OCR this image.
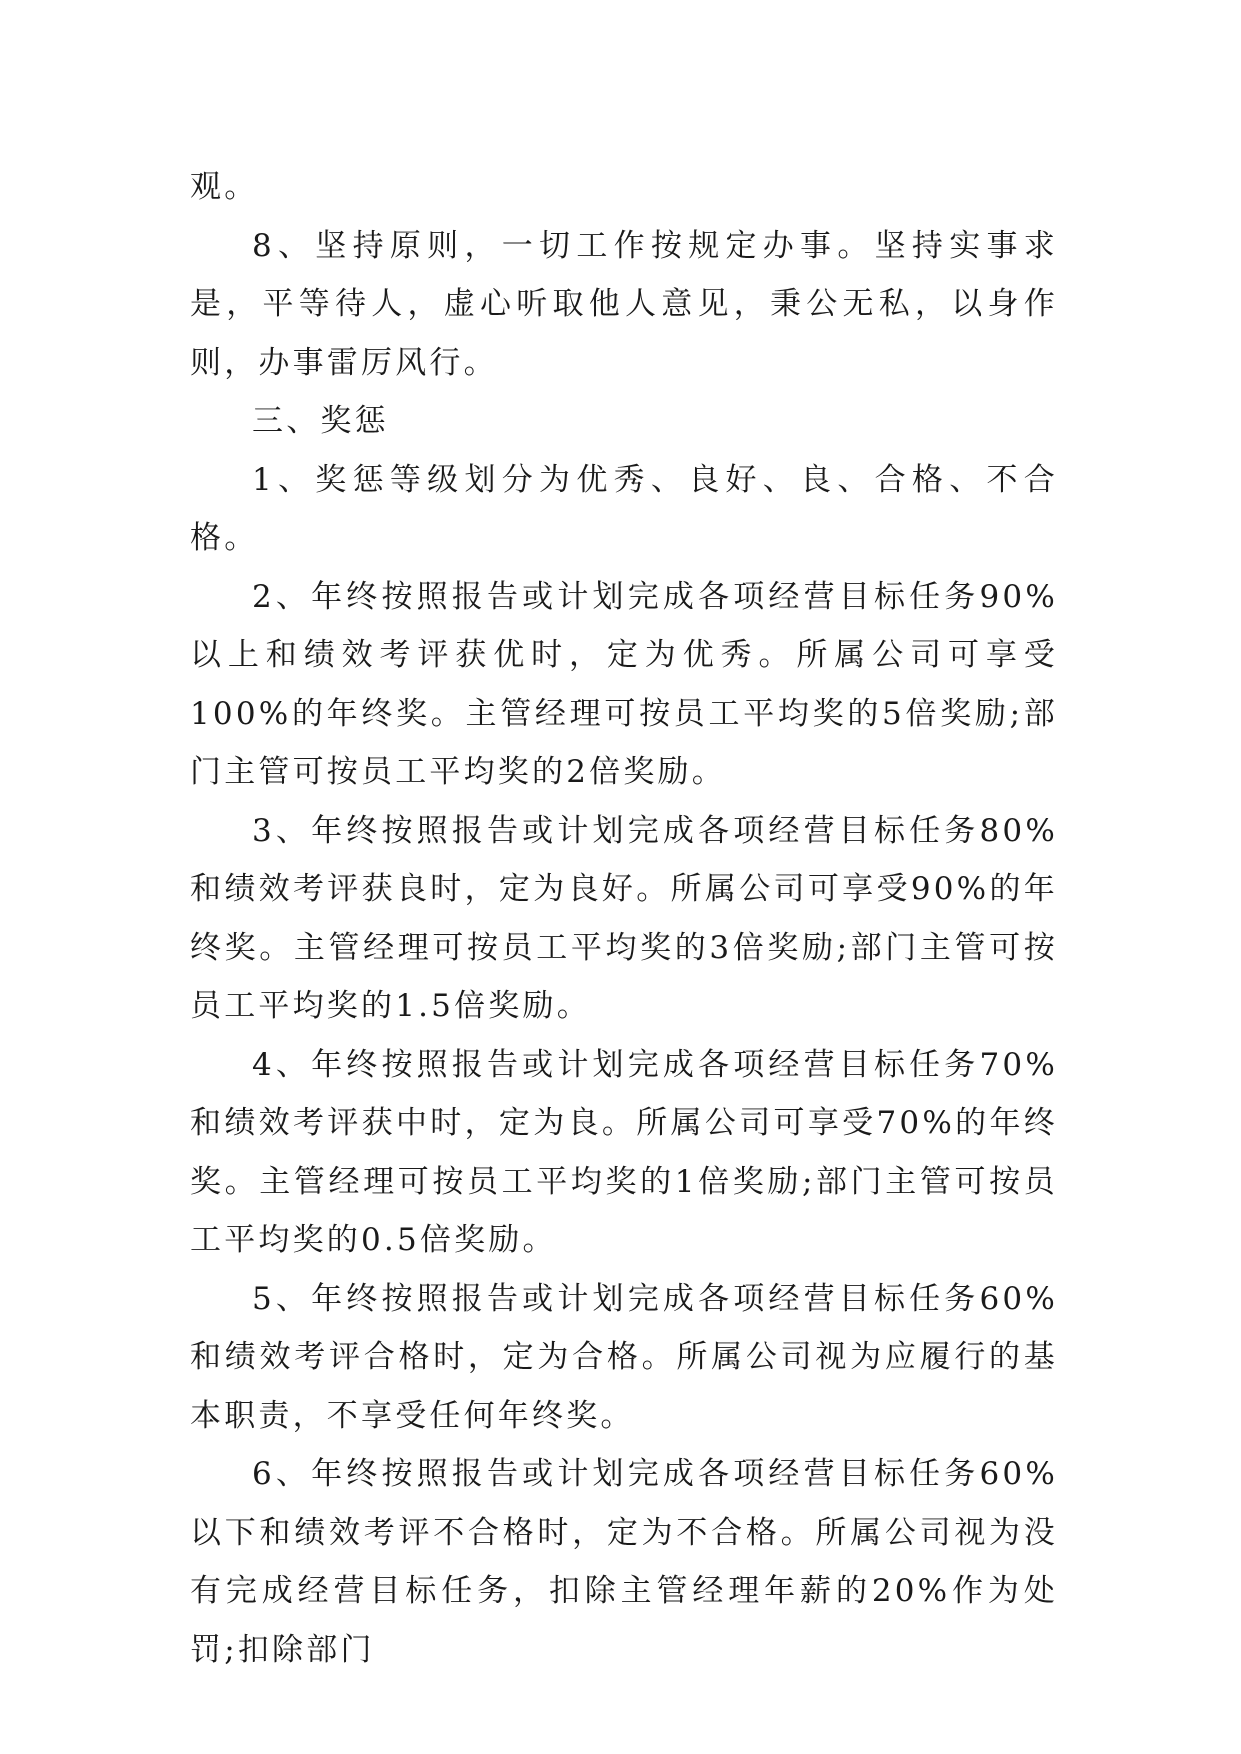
观。

8、坚持原则，一切工作按规定办事。坚持实事求是，平等待人，虚心听取他人意见，秉公无私，以身作则，办事雷厉风行。

三、奖惩

1、奖惩等级划分为优秀、良好、良、合格、不合格。

2、年终按照报告或计划完成各项经营目标任务90%以上和绩效考评获优时，定为优秀。所属公司可享受100%的年终奖。主管经理可按员工平均奖的5倍奖励;部门主管可按员工平均奖的2倍奖励。

3、年终按照报告或计划完成各项经营目标任务80%和绩效考评获良时，定为良好。所属公司可享受90%的年终奖。主管经理可按员工平均奖的3倍奖励;部门主管可按员工平均奖的1.5倍奖励。

4、年终按照报告或计划完成各项经营目标任务70%和绩效考评获中时，定为良。所属公司可享受70%的年终奖。主管经理可按员工平均奖的1倍奖励;部门主管可按员工平均奖的0.5倍奖励。

5、年终按照报告或计划完成各项经营目标任务60%和绩效考评合格时，定为合格。所属公司视为应履行的基本职责，不享受任何年终奖。

6、年终按照报告或计划完成各项经营目标任务60%以下和绩效考评不合格时，定为不合格。所属公司视为没有完成经营目标任务，扣除主管经理年薪的20%作为处罚;扣除部门
